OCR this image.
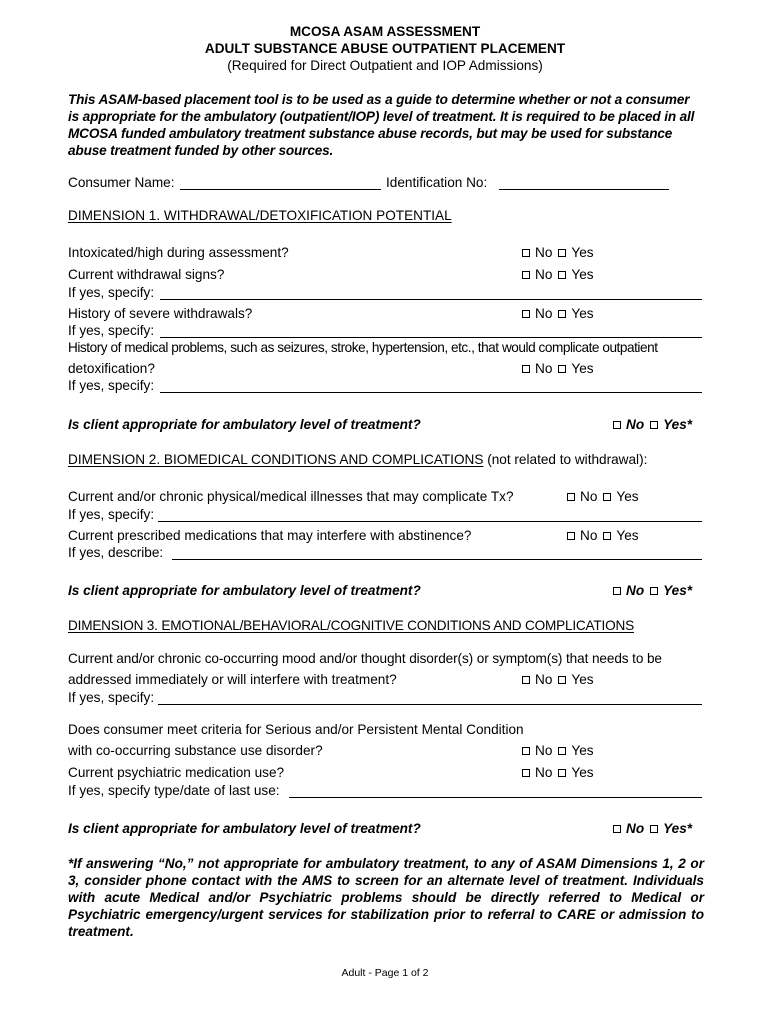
MCOSA ASAM ASSESSMENT
ADULT SUBSTANCE ABUSE OUTPATIENT PLACEMENT
(Required for Direct Outpatient and IOP Admissions)
This ASAM-based placement tool is to be used as a guide to determine whether or not a consumer is appropriate for the ambulatory (outpatient/IOP) level of treatment. It is required to be placed in all MCOSA funded ambulatory treatment substance abuse records, but may be used for substance abuse treatment funded by other sources.
Consumer Name:	Identification No:
DIMENSION 1. WITHDRAWAL/DETOXIFICATION POTENTIAL
Intoxicated/high during assessment?	No Yes
Current withdrawal signs?	No Yes
If yes, specify:
History of severe withdrawals?	No Yes
If yes, specify:
History of medical problems, such as seizures, stroke, hypertension, etc., that would complicate outpatient
detoxification?	No Yes
If yes, specify:
Is client appropriate for ambulatory level of treatment?	No Yes*
DIMENSION 2. BIOMEDICAL CONDITIONS AND COMPLICATIONS (not related to withdrawal):
Current and/or chronic physical/medical illnesses that may complicate Tx?	No Yes
If yes, specify:
Current prescribed medications that may interfere with abstinence?	No Yes
If yes, describe:
Is client appropriate for ambulatory level of treatment?	No Yes*
DIMENSION 3. EMOTIONAL/BEHAVIORAL/COGNITIVE CONDITIONS AND COMPLICATIONS
Current and/or chronic co-occurring mood and/or thought disorder(s) or symptom(s) that needs to be
addressed immediately or will interfere with treatment?	No Yes
If yes, specify:
Does consumer meet criteria for Serious and/or Persistent Mental Condition
with co-occurring substance use disorder?	No Yes
Current psychiatric medication use?	No Yes
If yes, specify type/date of last use:
Is client appropriate for ambulatory level of treatment?	No Yes*
*If answering “No,” not appropriate for ambulatory treatment, to any of ASAM Dimensions 1, 2 or 3, consider phone contact with the AMS to screen for an alternate level of treatment. Individuals with acute Medical and/or Psychiatric problems should be directly referred to Medical or Psychiatric emergency/urgent services for stabilization prior to referral to CARE or admission to treatment.
Adult - Page 1 of 2
